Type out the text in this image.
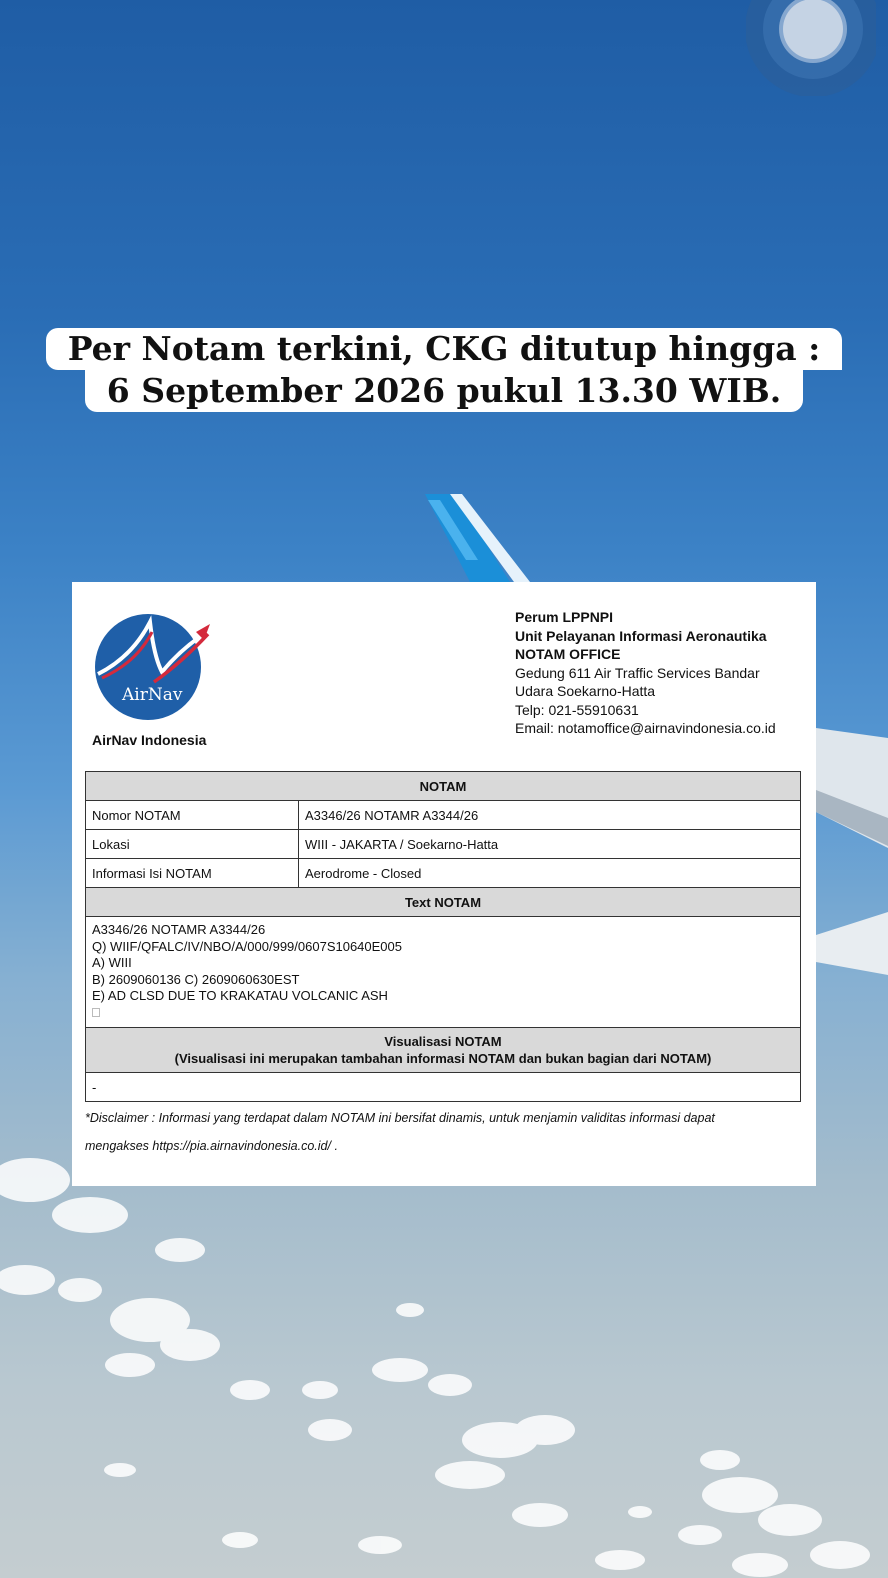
Per Notam terkini, CKG ditutup hingga :
6 September 2026 pukul 13.30 WIB.
AirNav
AirNav Indonesia
Perum LPPNPI
Unit Pelayanan Informasi Aeronautika
NOTAM OFFICE
Gedung 611 Air Traffic Services Bandar
Udara Soekarno-Hatta
Telp: 021-55910631
Email: notamoffice@airnavindonesia.co.id
NOTAM	
Nomor NOTAM	A3346/26 NOTAMR A3344/26
Lokasi	WIII - JAKARTA / Soekarno-Hatta
Informasi Isi NOTAM	Aerodrome - Closed
Text NOTAM	

A3346/26 NOTAMR A3344/26
Q) WIIF/QFALC/IV/NBO/A/000/999/0607S10640E005
A) WIII
B) 2609060136 C) 2609060630EST
E) AD CLSD DUE TO KRAKATAU VOLCANIC ASH	

Visualisasi NOTAM
(Visualisasi ini merupakan tambahan informasi NOTAM dan bukan bagian dari NOTAM)	

-	
*Disclaimer : Informasi yang terdapat dalam NOTAM ini bersifat dinamis, untuk menjamin validitas informasi dapat mengakses https://pia.airnavindonesia.co.id/ .
